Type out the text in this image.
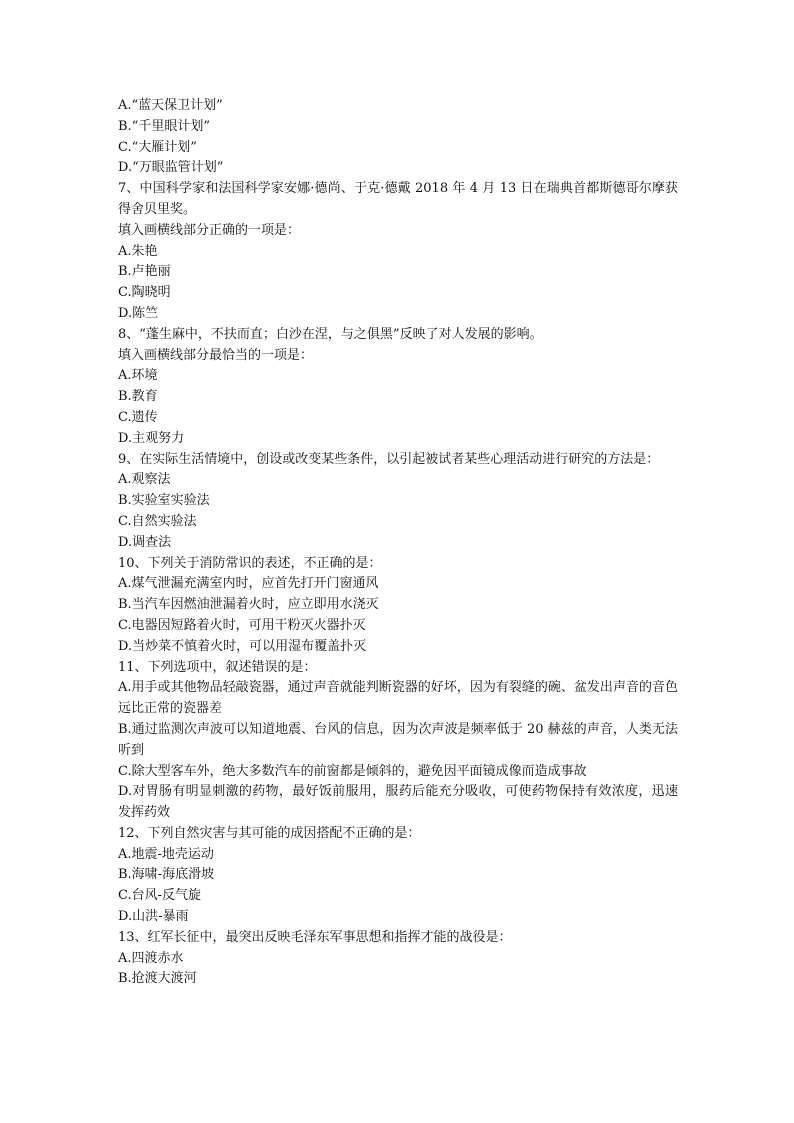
A.“蓝天保卫计划”
B.“千里眼计划”
C.“大雁计划”
D.“万眼监管计划”
7、中国科学家和法国科学家安娜·德尚、于克·德戴 2018 年 4 月 13 日在瑞典首都斯德哥尔摩获得舍贝里奖。
填入画横线部分正确的一项是：
A.朱艳
B.卢艳丽
C.陶晓明
D.陈竺
8、“蓬生麻中，不扶而直；白沙在涅，与之俱黑”反映了对人发展的影响。
填入画横线部分最恰当的一项是：
A.环境
B.教育
C.遗传
D.主观努力
9、在实际生活情境中，创设或改变某些条件，以引起被试者某些心理活动进行研究的方法是：
A.观察法
B.实验室实验法
C.自然实验法
D.调查法
10、下列关于消防常识的表述，不正确的是：
A.煤气泄漏充满室内时，应首先打开门窗通风
B.当汽车因燃油泄漏着火时，应立即用水浇灭
C.电器因短路着火时，可用干粉灭火器扑灭
D.当炒菜不慎着火时，可以用湿布覆盖扑灭
11、下列选项中，叙述错误的是：
A.用手或其他物品轻敲瓷器，通过声音就能判断瓷器的好坏，因为有裂缝的碗、盆发出声音的音色远比正常的瓷器差
B.通过监测次声波可以知道地震、台风的信息，因为次声波是频率低于 20 赫兹的声音，人类无法听到
C.除大型客车外，绝大多数汽车的前窗都是倾斜的，避免因平面镜成像而造成事故
D.对胃肠有明显刺激的药物，最好饭前服用，服药后能充分吸收，可使药物保持有效浓度，迅速发挥药效
12、下列自然灾害与其可能的成因搭配不正确的是：
A.地震-地壳运动
B.海啸-海底滑坡
C.台风-反气旋
D.山洪-暴雨
13、红军长征中，最突出反映毛泽东军事思想和指挥才能的战役是：
A.四渡赤水
B.抢渡大渡河
